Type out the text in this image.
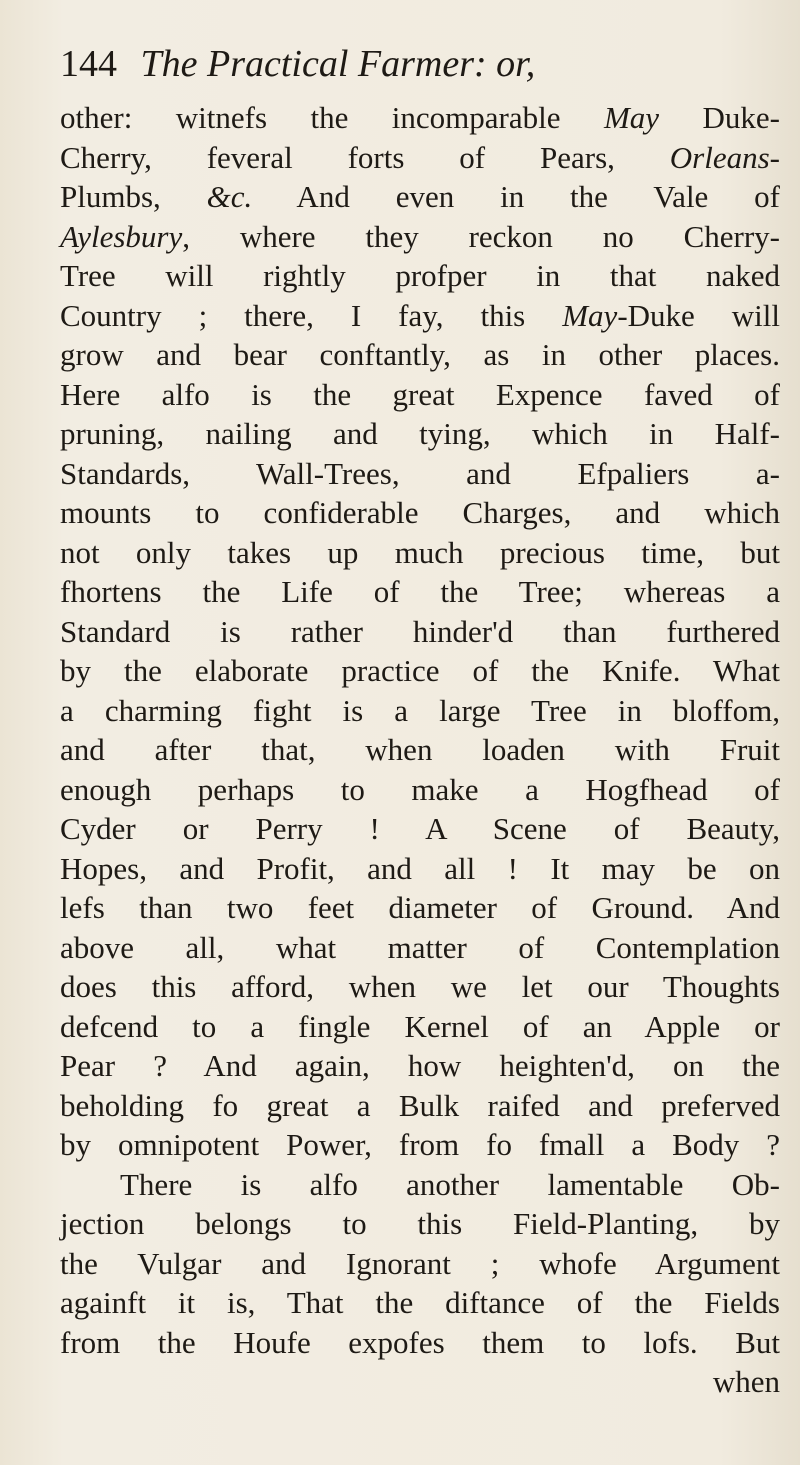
144 The Practical Farmer: or,
other: witnefs the incomparable May Duke-
Cherry, feveral forts of Pears, Orleans-
Plumbs, &c. And even in the Vale of
Aylesbury, where they reckon no Cherry-
Tree will rightly profper in that naked
Country ; there, I fay, this May-Duke will
grow and bear conftantly, as in other places.
Here alfo is the great Expence faved of
pruning, nailing and tying, which in Half-
Standards, Wall-Trees, and Efpaliers a-
mounts to confiderable Charges, and which
not only takes up much precious time, but
fhortens the Life of the Tree; whereas a
Standard is rather hinder'd than furthered
by the elaborate practice of the Knife. What
a charming fight is a large Tree in bloffom,
and after that, when loaden with Fruit
enough perhaps to make a Hogfhead of
Cyder or Perry ! A Scene of Beauty,
Hopes, and Profit, and all ! It may be on
lefs than two feet diameter of Ground. And
above all, what matter of Contemplation
does this afford, when we let our Thoughts
defcend to a fingle Kernel of an Apple or
Pear ? And again, how heighten'd, on the
beholding fo great a Bulk raifed and preferved
by omnipotent Power, from fo fmall a Body ?
There is alfo another lamentable Ob-
jection belongs to this Field-Planting, by
the Vulgar and Ignorant ; whofe Argument
againft it is, That the diftance of the Fields
from the Houfe expofes them to lofs. But
when
